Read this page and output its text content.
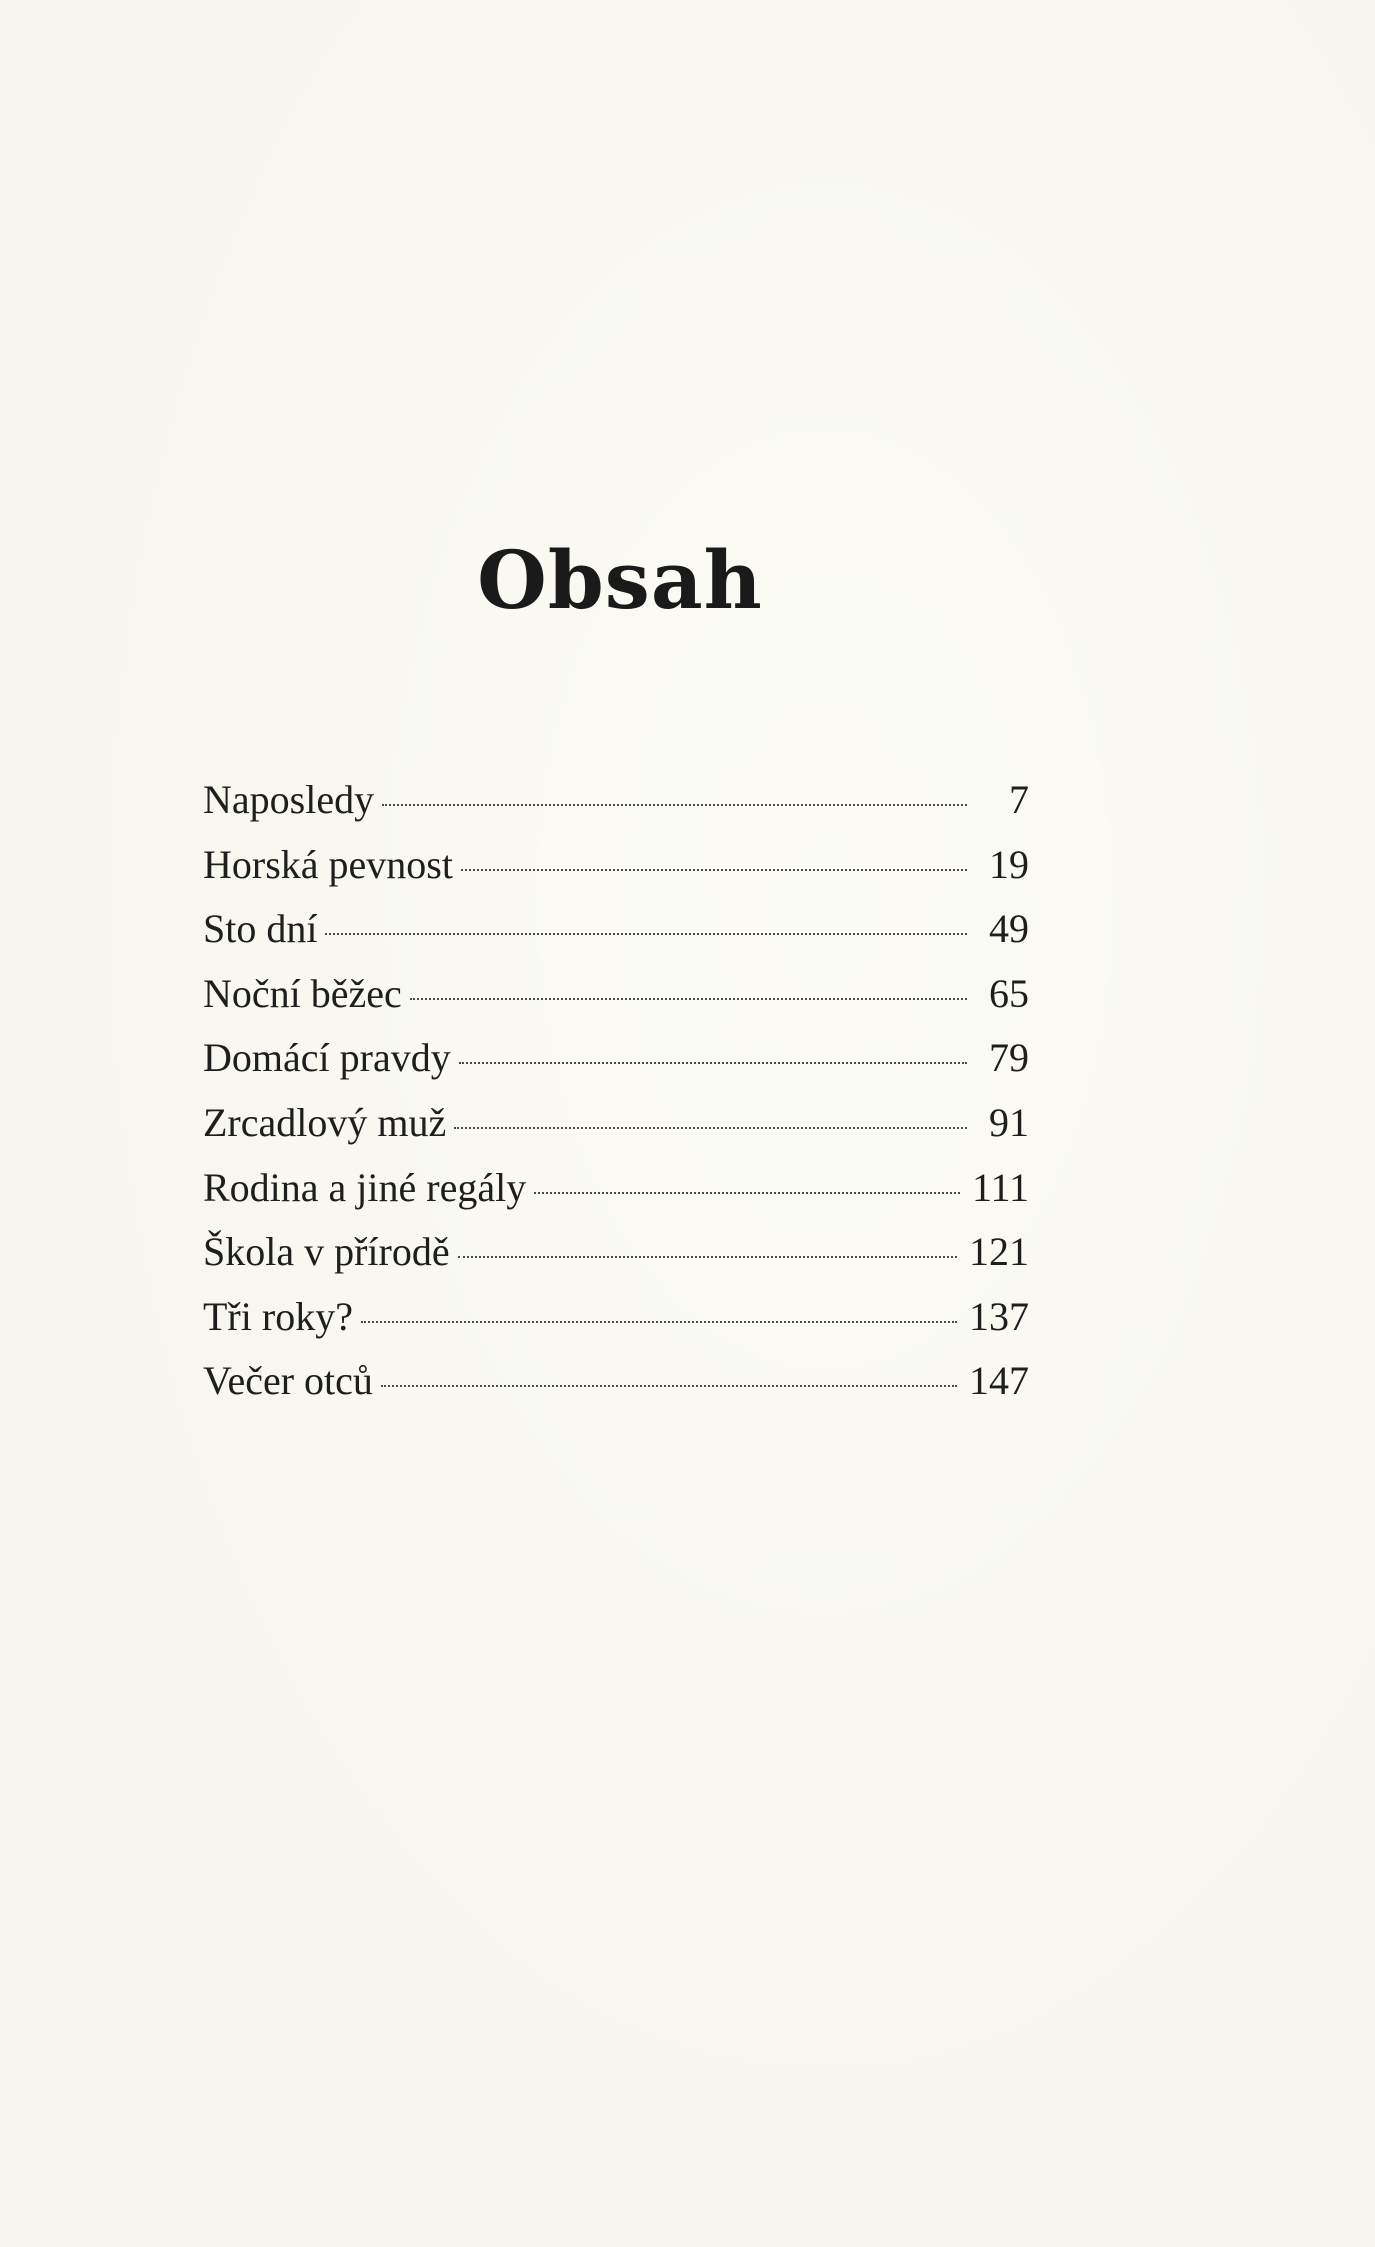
Obsah
Naposledy	7
Horská pevnost	19
Sto dní	49
Noční běžec	65
Domácí pravdy	79
Zrcadlový muž	91
Rodina a jiné regály	111
Škola v přírodě	121
Tři roky?	137
Večer otců	147
